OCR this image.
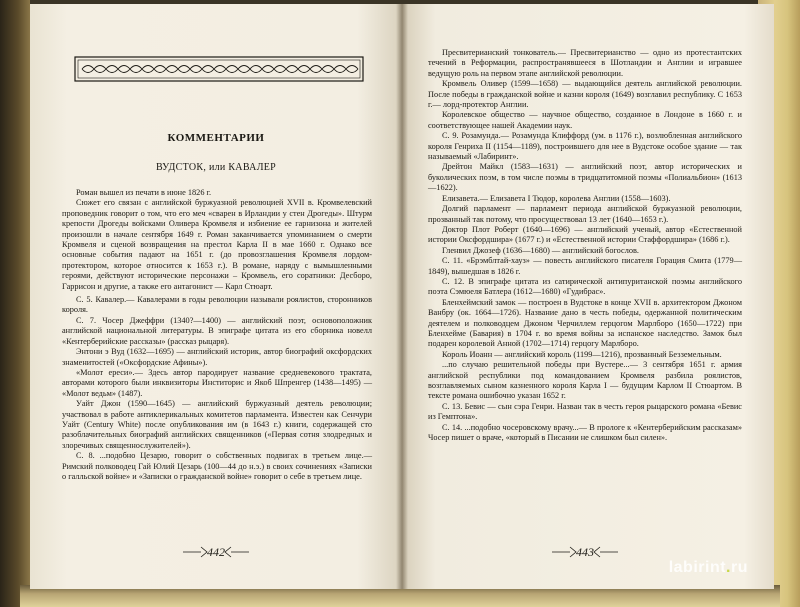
КОММЕНТАРИИ
ВУДСТОК, или КАВАЛЕР

Роман вышел из печати в июне 1826 г.

Сюжет его связан с английской буржуазной революцией XVII в. Кромвелевский проповедник говорит о том, что его меч «сварен в Ирландии у стен Дрогеды». Штурм крепости Дрогеды войсками Оливера Кромвеля и избиение ее гарнизона и жителей произошли в начале сентября 1649 г. Роман заканчивается упоминанием о смерти Кромвеля и сценой возвращения на престол Карла II в мае 1660 г. Однако все основные события падают на 1651 г. (до провозглашения Кромвеля лордом-протектором, которое относится к 1653 г.). В романе, наряду с вымышленными героями, действуют исторические персонажи – Кромвель, его соратники: Десборо, Гаррисон и другие, а также его антагонист — Карл Стюарт.

С. 5. Кавалер.— Кавалерами в годы революции называли роялистов, сторонников короля.

С. 7. Чосер Джеффри (1340?—1400) — английский поэт, основоположник английской национальной литературы. В эпиграфе цитата из его сборника новелл «Кентерберийские рассказы» (рассказ рыцаря).

Энтони э Вуд (1632—1695) — английский историк, автор биографий оксфордских знаменитостей («Оксфордские Афины»).

«Молот ереси».— Здесь автор пародирует название средневекового трактата, авторами которого были инквизиторы Инститорис и Якоб Шпренгер (1438—1495) — «Молот ведьм» (1487).

Уайт Джон (1590—1645) — английский буржуазный деятель революции; участвовал в работе антиклерикальных комитетов парламента. Известен как Сенчури Уайт (Century White) после опубликования им (в 1643 г.) книги, содержащей сто разоблачительных биографий английских священников («Первая сотня злодредных и злоречивых священнослужителей»).

С. 8. ...подобно Цезарю, говорит о собственных подвигах в третьем лице.— Римский полководец Гай Юлий Цезарь (100—44 до н.э.) в своих сочинениях «Записки о галльской войне» и «Записки о гражданской войне» говорит о себе в третьем лице.

442

Пресвитерианский тонкователь.— Пресвитерианство — одно из протестантских течений в Реформации, распространявшееся в Шотландии и Англии и игравшее ведущую роль на первом этапе английской революции.

Кромвель Оливер (1599—1658) — выдающийся деятель английской революции. После победы в гражданской войне и казни короля (1649) возглавил республику. С 1653 г.— лорд-протектор Англии.

Королевское общество — научное общество, созданное в Лондоне в 1660 г. и соответствующее нашей Академии наук.

С. 9. Розамунда.— Розамунда Клиффорд (ум. в 1176 г.), возлюбленная английского короля Генриха II (1154—1189), построившего для нее в Вудстоке особое здание — так называемый «Лабиринт».

Дрейтон Майкл (1583—1631) — английский поэт, автор исторических и буколических поэм, в том числе поэмы в тридцатитомной поэмы «Полиальбион» (1613—1622).

Елизавета.— Елизавета I Тюдор, королева Англии (1558—1603).

Долгий парламент — парламент периода английской буржуазной революции, прозванный так потому, что просуществовал 13 лет (1640—1653 г.).

Доктор Плот Роберт (1640—1696) — английский ученый, автор «Естественной истории Оксфордшира» (1677 г.) и «Естественной истории Стаффордшира» (1686 г.).

Гленвил Джозеф (1636—1680) — английский богослов.

С. 11. «Брэмблтай-хауз» — повесть английского писателя Горация Смита (1779—1849), вышедшая в 1826 г.

С. 12. В эпиграфе цитата из сатирической антипуританской поэмы английского поэта Сэмюеля Батлера (1612—1680) «Гудибрас».

Бленхеймский замок — построен в Вудстоке в конце XVII в. архитектором Джоном Ванбру (ок. 1664—1726). Название дано в честь победы, одержанной политическим деятелем и полководцем Джоном Черчиллем герцогом Марлборо (1650—1722) при Бленхейме (Бавария) в 1704 г. во время войны за испанское наследство. Замок был подарен королевой Анной (1702—1714) герцогу Марлборо.

Король Иоанн — английский король (1199—1216), прозванный Безземельным.

...по случаю решительной победы при Вустере...— 3 сентября 1651 г. армия английской республики под командованием Кромвеля разбила роялистов, возглавляемых сыном казненного короля Карла I — будущим Карлом II Стюартом. В тексте романа ошибочно указан 1652 г.

С. 13. Бевис — сын сэра Генри. Назван так в честь героя рыцарского романа «Бевис из Гемптона».

С. 14. ...подобно чосеровскому врачу...— В прологе к «Кентерберийским рассказам» Чосер пишет о враче, «который в Писании не слишком был силен».

443
labirint.ru
